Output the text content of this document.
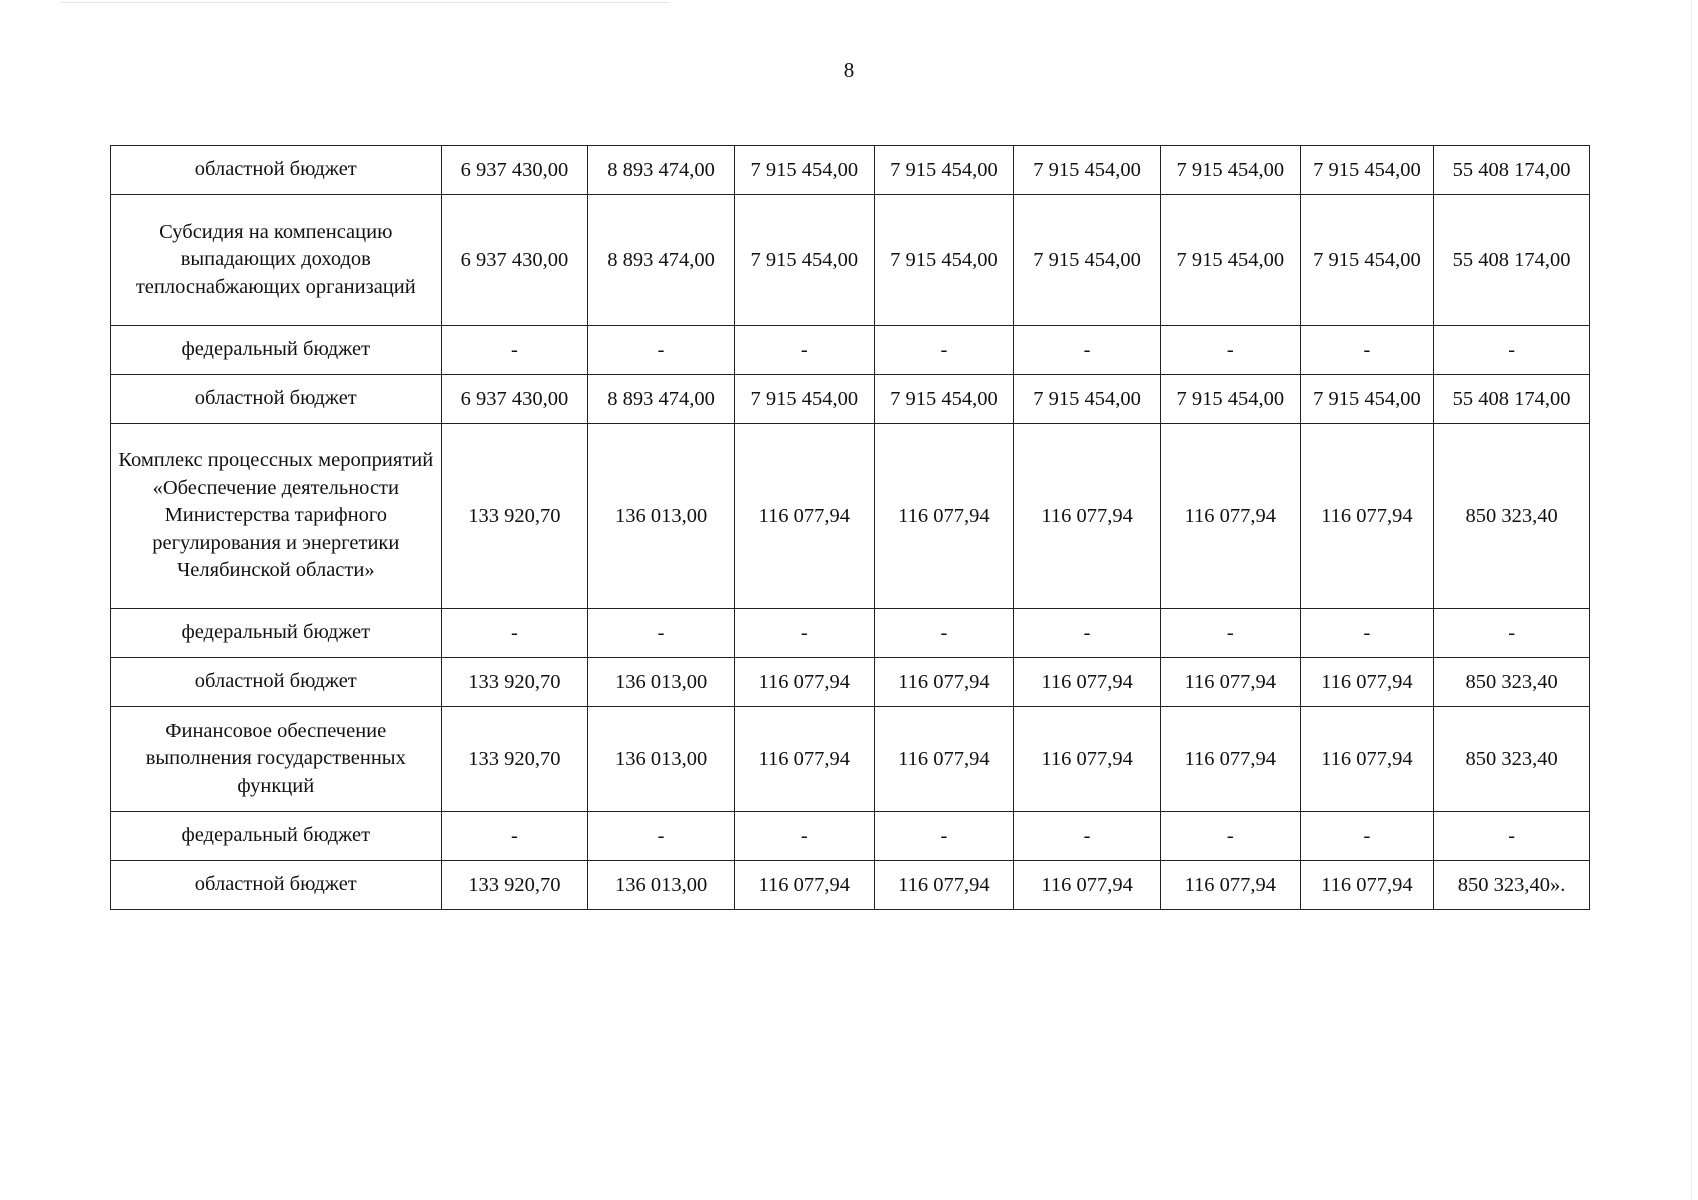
8
областной бюджет	6 937 430,00	8 893 474,00	7 915 454,00	7 915 454,00	7 915 454,00	7 915 454,00	7 915 454,00	55 408 174,00
Субсидия на компенсацию выпадающих доходов теплоснабжающих организаций	6 937 430,00	8 893 474,00	7 915 454,00	7 915 454,00	7 915 454,00	7 915 454,00	7 915 454,00	55 408 174,00
федеральный бюджет	-	-	-	-	-	-	-	-
областной бюджет	6 937 430,00	8 893 474,00	7 915 454,00	7 915 454,00	7 915 454,00	7 915 454,00	7 915 454,00	55 408 174,00
Комплекс процессных мероприятий «Обеспечение деятельности Министерства тарифного регулирования и энергетики Челябинской области»	133 920,70	136 013,00	116 077,94	116 077,94	116 077,94	116 077,94	116 077,94	850 323,40
федеральный бюджет	-	-	-	-	-	-	-	-
областной бюджет	133 920,70	136 013,00	116 077,94	116 077,94	116 077,94	116 077,94	116 077,94	850 323,40
Финансовое обеспечение выполнения государственных функций	133 920,70	136 013,00	116 077,94	116 077,94	116 077,94	116 077,94	116 077,94	850 323,40
федеральный бюджет	-	-	-	-	-	-	-	-
областной бюджет	133 920,70	136 013,00	116 077,94	116 077,94	116 077,94	116 077,94	116 077,94	850 323,40».
